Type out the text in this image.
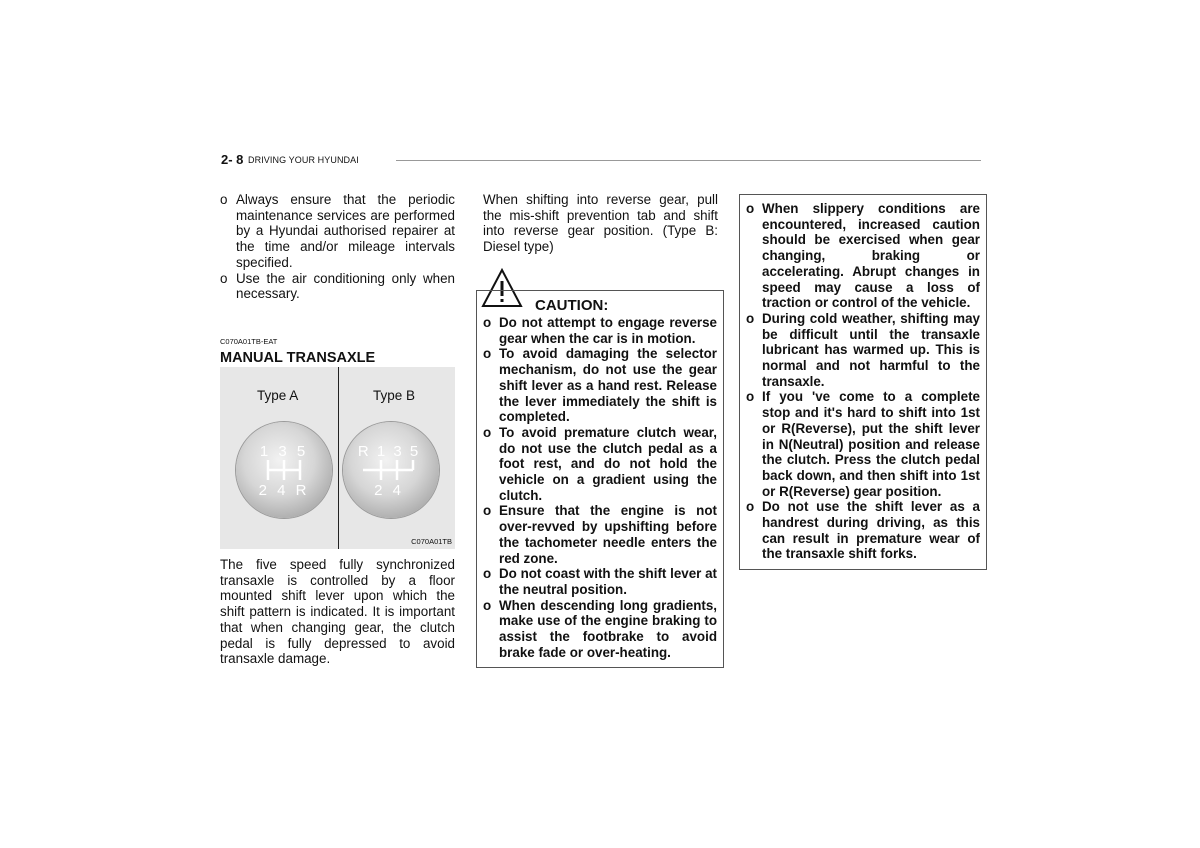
2- 8 DRIVING YOUR HYUNDAI
o Always ensure that the periodic maintenance services are performed by a Hyundai authorised repairer at the time and/or mileage intervals specified.
o Use the air conditioning only when necessary.
C070A01TB-EAT
MANUAL TRANSAXLE
Type A	Type B
1 3 5
2 4 R
R 1 3 5
2 4
C070A01TB

The five speed fully synchronized transaxle is controlled by a floor mounted shift lever upon which the shift pattern is indicated. It is important that when changing gear, the clutch pedal is fully depressed to avoid transaxle damage.

When shifting into reverse gear, pull the mis-shift prevention tab and shift into reverse gear position. (Type B: Diesel type)

CAUTION:
o Do not attempt to engage reverse gear when the car is in motion.
o To avoid damaging the selector mechanism, do not use the gear shift lever as a hand rest. Release the lever immediately the shift is completed.
o To avoid premature clutch wear, do not use the clutch pedal as a foot rest, and do not hold the vehicle on a gradient using the clutch.
o Ensure that the engine is not over-revved by upshifting before the tachometer needle enters the red zone.
o Do not coast with the shift lever at the neutral position.
o When descending long gradients, make use of the engine braking to assist the footbrake to avoid brake fade or over-heating.
o When slippery conditions are encountered, increased caution should be exercised when gear changing, braking or accelerating. Abrupt changes in speed may cause a loss of traction or control of the vehicle.
o During cold weather, shifting may be difficult until the transaxle lubricant has warmed up. This is normal and not harmful to the transaxle.
o If you 've come to a complete stop and it's hard to shift into 1st or R(Reverse), put the shift lever in N(Neutral) position and release the clutch. Press the clutch pedal back down, and then shift into 1st or R(Reverse) gear position.
o Do not use the shift lever as a handrest during driving, as this can result in premature wear of the transaxle shift forks.
